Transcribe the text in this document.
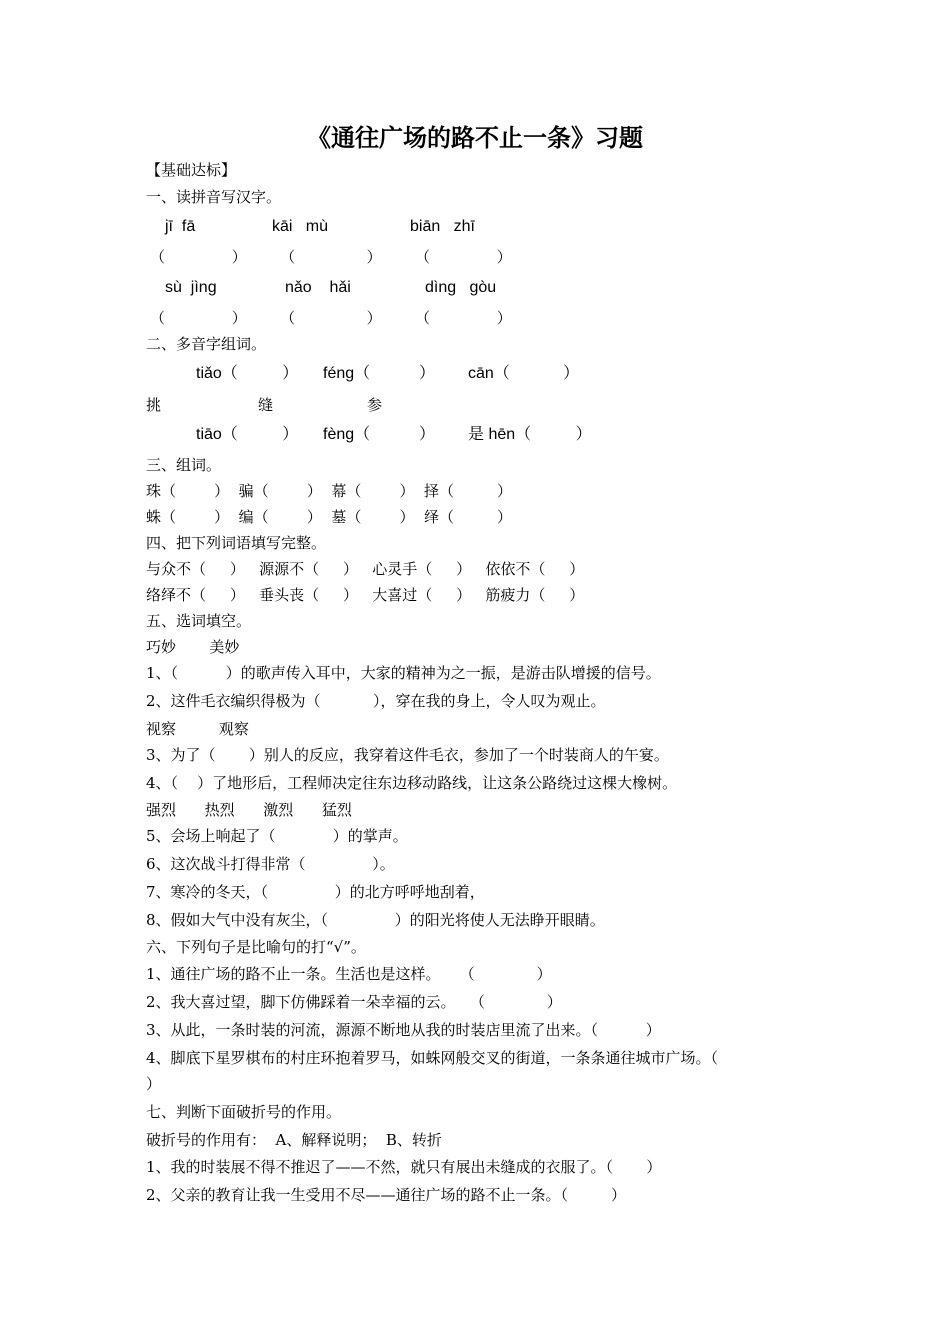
《通往广场的路不止一条》习题
【基础达标】
一、读拼音写汉字。
jī  fā	kāi   mù	biān   zhī
（              ）       （               ）       （              ）
sù  jìng	nǎo    hǎi	dìng   gòu
（              ）       （               ）       （              ）
二、多音字组词。
tiǎo（          ） féng（           ） cān（            ）
挑	缝	参
tiāo（          ） fèng（           ） 是 hēn（          ）
三、组词。
珠（        ）  骗（        ）  幕（        ）  择（         ）
蛛（        ）  编（        ）  墓（        ）  绎（         ）
四、把下列词语填写完整。
与众不（     ）   源源不（     ）   心灵手（     ）   依依不（     ）
络绎不（     ）   垂头丧（     ）   大喜过（     ）   筋疲力（     ）
五、选词填空。
巧妙       美妙
1、（          ）的歌声传入耳中，大家的精神为之一振，是游击队增援的信号。
2、这件毛衣编织得极为（           ），穿在我的身上，令人叹为观止。
视察         观察
3、为了（       ）别人的反应，我穿着这件毛衣，参加了一个时装商人的午宴。
4、（    ）了地形后，工程师决定往东边移动路线，让这条公路绕过这棵大橡树。
强烈      热烈      激烈      猛烈
5、会场上响起了（            ）的掌声。
6、这次战斗打得非常（              ）。
7、寒冷的冬天，（              ）的北方呼呼地刮着，
8、假如大气中没有灰尘，（              ）的阳光将使人无法睁开眼睛。
六、下列句子是比喻句的打“√”。
1、通往广场的路不止一条。生活也是这样。    （             ）
2、我大喜过望，脚下仿佛踩着一朵幸福的云。   （             ）
3、从此，一条时装的河流，源源不断地从我的时装店里流了出来。（          ）
4、脚底下星罗棋布的村庄环抱着罗马，如蛛网般交叉的街道，一条条通往城市广场。（
）
七、判断下面破折号的作用。
破折号的作用有：  A、解释说明；  B、转折
1、我的时装展不得不推迟了——不然，就只有展出未缝成的衣服了。（       ）
2、父亲的教育让我一生受用不尽——通往广场的路不止一条。（         ）
